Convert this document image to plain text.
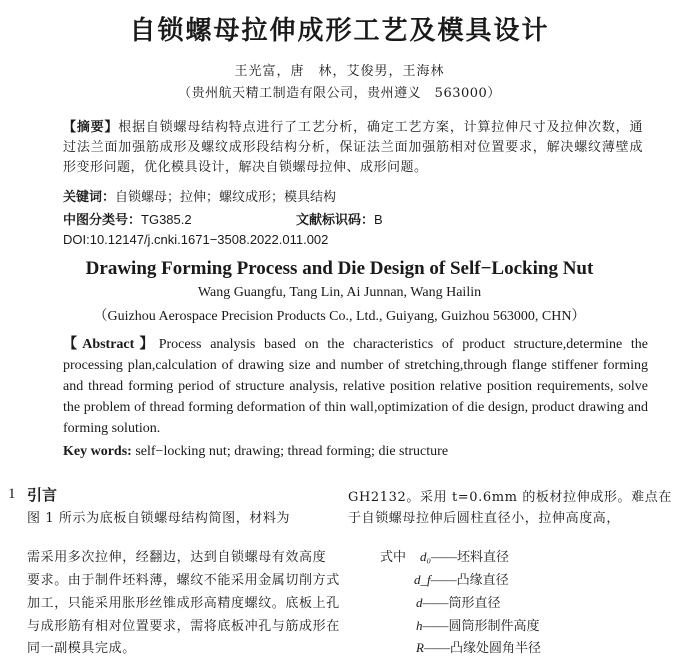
自锁螺母拉伸成形工艺及模具设计
王光富，唐　林，艾俊男，王海林
（贵州航天精工制造有限公司，贵州遵义　563000）
【摘要】根据自锁螺母结构特点进行了工艺分析，确定工艺方案，计算拉伸尺寸及拉伸次数，通过法兰面加强筋成形及螺纹成形段结构分析，保证法兰面加强筋相对位置要求，解决螺纹薄壁成形变形问题，优化模具设计，解决自锁螺母拉伸、成形问题。
关键词：自锁螺母；拉伸；螺纹成形；模具结构
中图分类号：TG385.2	文献标识码：B
DOI:10.12147/j.cnki.1671−3508.2022.011.002
Drawing Forming Process and Die Design of Self−Locking Nut
Wang Guangfu, Tang Lin, Ai Junnan, Wang Hailin
（Guizhou Aerospace Precision Products Co., Ltd., Guiyang, Guizhou 563000, CHN）
【Abstract】Process analysis based on the characteristics of product structure,determine the processing plan,calculation of drawing size and number of stretching,through flange stiffener forming and thread forming period of structure analysis, relative position relative position requirements, solve the problem of thread forming deformation of thin wall,optimization of die design, product drawing and forming solution.
Key words: self−locking nut; drawing; thread forming; die structure
1 引言
图 1 所示为底板自锁螺母结构简图，材料为
需采用多次拉伸，经翻边，达到自锁螺母有效高度
要求。由于制件坯料薄，螺纹不能采用金属切削方式
加工，只能采用胀形丝锥成形高精度螺纹。底板上孔
与成形筋有相对位置要求，需将底板冲孔与筋成形在
同一副模具完成。
GH2132。采用 t=0.6mm 的板材拉伸成形。难点在
于自锁螺母拉伸后圆柱直径小，拉伸高度高，
式中 d₀——坯料直径
d_f——凸缘直径
d——筒形直径
h——圆筒形制件高度
R——凸缘处圆角半径
